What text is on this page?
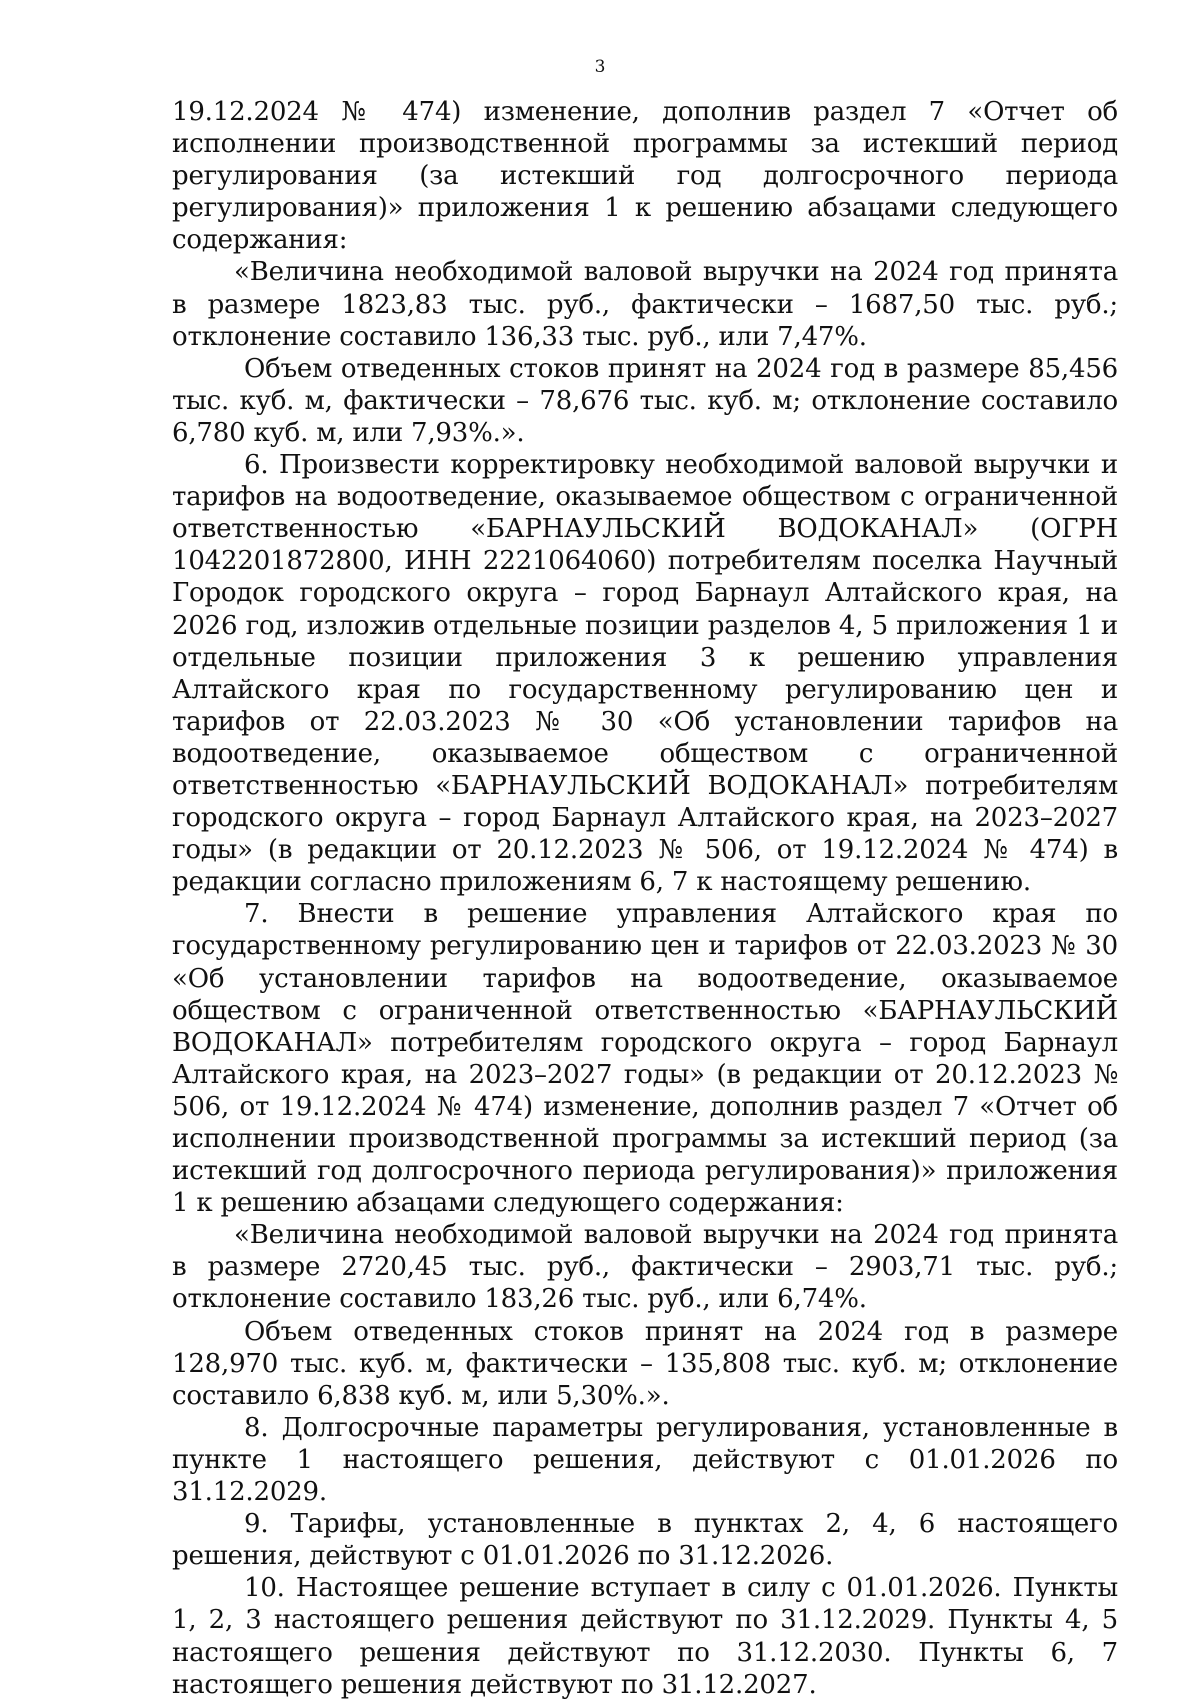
3

19.12.2024 № 474) изменение, дополнив раздел 7 «Отчет об исполнении производственной программы за истекший период регулирования (за истекший год долгосрочного периода регулирования)» приложения 1 к решению абзацами следующего содержания:

«Величина необходимой валовой выручки на 2024 год принята в размере 1823,83 тыс. руб., фактически – 1687,50 тыс. руб.; отклонение составило 136,33 тыс. руб., или 7,47%.

Объем отведенных стоков принят на 2024 год в размере 85,456 тыс. куб. м, фактически – 78,676 тыс. куб. м; отклонение составило 6,780 куб. м, или 7,93%.».

6. Произвести корректировку необходимой валовой выручки и тарифов на водоотведение, оказываемое обществом с ограниченной ответственностью «БАРНАУЛЬСКИЙ ВОДОКАНАЛ» (ОГРН 1042201872800, ИНН 2221064060) потребителям поселка Научный Городок городского округа – город Барнаул Алтайского края, на 2026 год, изложив отдельные позиции разделов 4, 5 приложения 1 и отдельные позиции приложения 3 к решению управления Алтайского края по государственному регулированию цен и тарифов от 22.03.2023 № 30 «Об установлении тарифов на водоотведение, оказываемое обществом с ограниченной ответственностью «БАРНАУЛЬСКИЙ ВОДОКАНАЛ» потребителям городского округа – город Барнаул Алтайского края, на 2023–2027 годы» (в редакции от 20.12.2023 № 506, от 19.12.2024 № 474) в редакции согласно приложениям 6, 7 к настоящему решению.

7. Внести в решение управления Алтайского края по государственному регулированию цен и тарифов от 22.03.2023 № 30 «Об установлении тарифов на водоотведение, оказываемое обществом с ограниченной ответственностью «БАРНАУЛЬСКИЙ ВОДОКАНАЛ» потребителям городского округа – город Барнаул Алтайского края, на 2023–2027 годы» (в редакции от 20.12.2023 № 506, от 19.12.2024 № 474) изменение, дополнив раздел 7 «Отчет об исполнении производственной программы за истекший период (за истекший год долгосрочного периода регулирования)» приложения 1 к решению абзацами следующего содержания:

«Величина необходимой валовой выручки на 2024 год принята в размере 2720,45 тыс. руб., фактически – 2903,71 тыс. руб.; отклонение составило 183,26 тыс. руб., или 6,74%.

Объем отведенных стоков принят на 2024 год в размере 128,970 тыс. куб. м, фактически – 135,808 тыс. куб. м; отклонение составило 6,838 куб. м, или 5,30%.».

8. Долгосрочные параметры регулирования, установленные в пункте 1 настоящего решения, действуют с 01.01.2026 по 31.12.2029.

9. Тарифы, установленные в пунктах 2, 4, 6 настоящего решения, действуют с 01.01.2026 по 31.12.2026.

10. Настоящее решение вступает в силу с 01.01.2026. Пункты 1, 2, 3 настоящего решения действуют по 31.12.2029. Пункты 4, 5 настоящего решения действуют по 31.12.2030. Пункты 6, 7 настоящего решения действуют по 31.12.2027.
